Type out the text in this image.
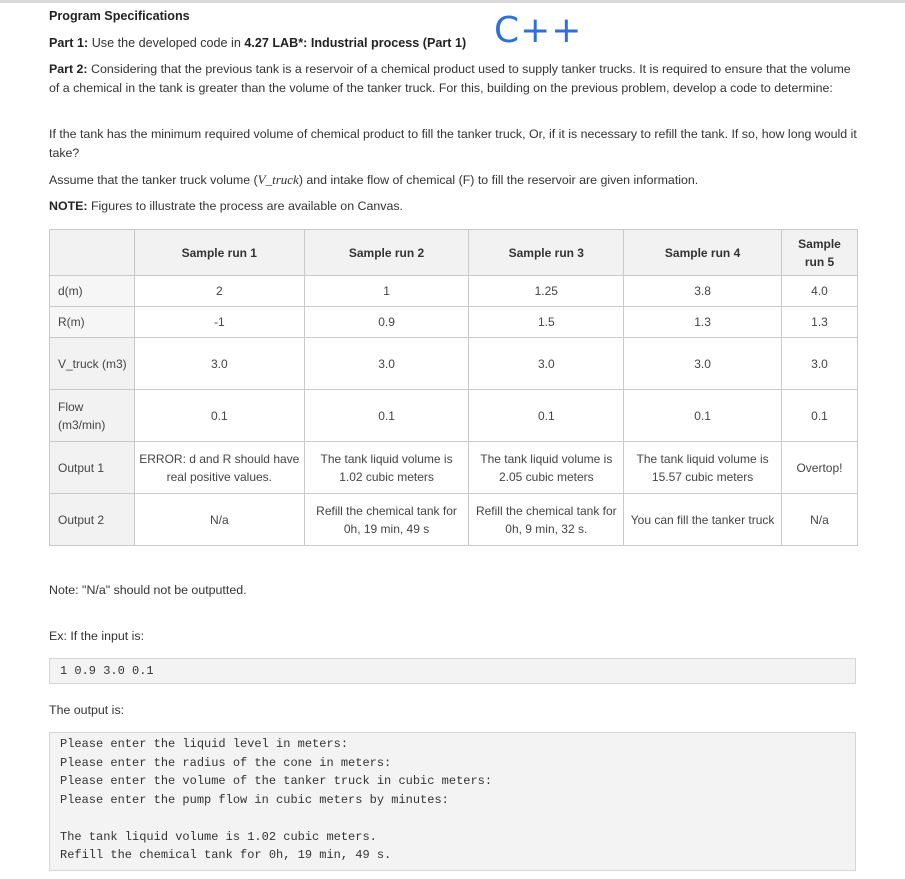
Program Specifications	C++
Part 1: Use the developed code in 4.27 LAB*: Industrial process (Part 1)
Part 2: Considering that the previous tank is a reservoir of a chemical product used to supply tanker trucks. It is required to ensure that the volume of a chemical in the tank is greater than the volume of the tanker truck. For this, building on the previous problem, develop a code to determine:
If the tank has the minimum required volume of chemical product to fill the tanker truck, Or, if it is necessary to refill the tank. If so, how long would it take?
Assume that the tanker truck volume (V_truck) and intake flow of chemical (F) to fill the reservoir are given information.
NOTE: Figures to illustrate the process are available on Canvas.
	Sample run 1	Sample run 2	Sample run 3	Sample run 4	Sample run 5
d(m)	2	1	1.25	3.8	4.0
R(m)	-1	0.9	1.5	1.3	1.3
V_truck (m3)	3.0	3.0	3.0	3.0	3.0
Flow (m3/min)	0.1	0.1	0.1	0.1	0.1
Output 1	ERROR: d and R should have real positive values.	The tank liquid volume is 1.02 cubic meters	The tank liquid volume is 2.05 cubic meters	The tank liquid volume is 15.57 cubic meters	Overtop!
Output 2	N/a	Refill the chemical tank for 0h, 19 min, 49 s	Refill the chemical tank for 0h, 9 min, 32 s.	You can fill the tanker truck	N/a
Note: "N/a" should not be outputted.
Ex: If the input is:
1 0.9 3.0 0.1
The output is:
Please enter the liquid level in meters:
Please enter the radius of the cone in meters:
Please enter the volume of the tanker truck in cubic meters:
Please enter the pump flow in cubic meters by minutes:
The tank liquid volume is 1.02 cubic meters.
Refill the chemical tank for 0h, 19 min, 49 s.
